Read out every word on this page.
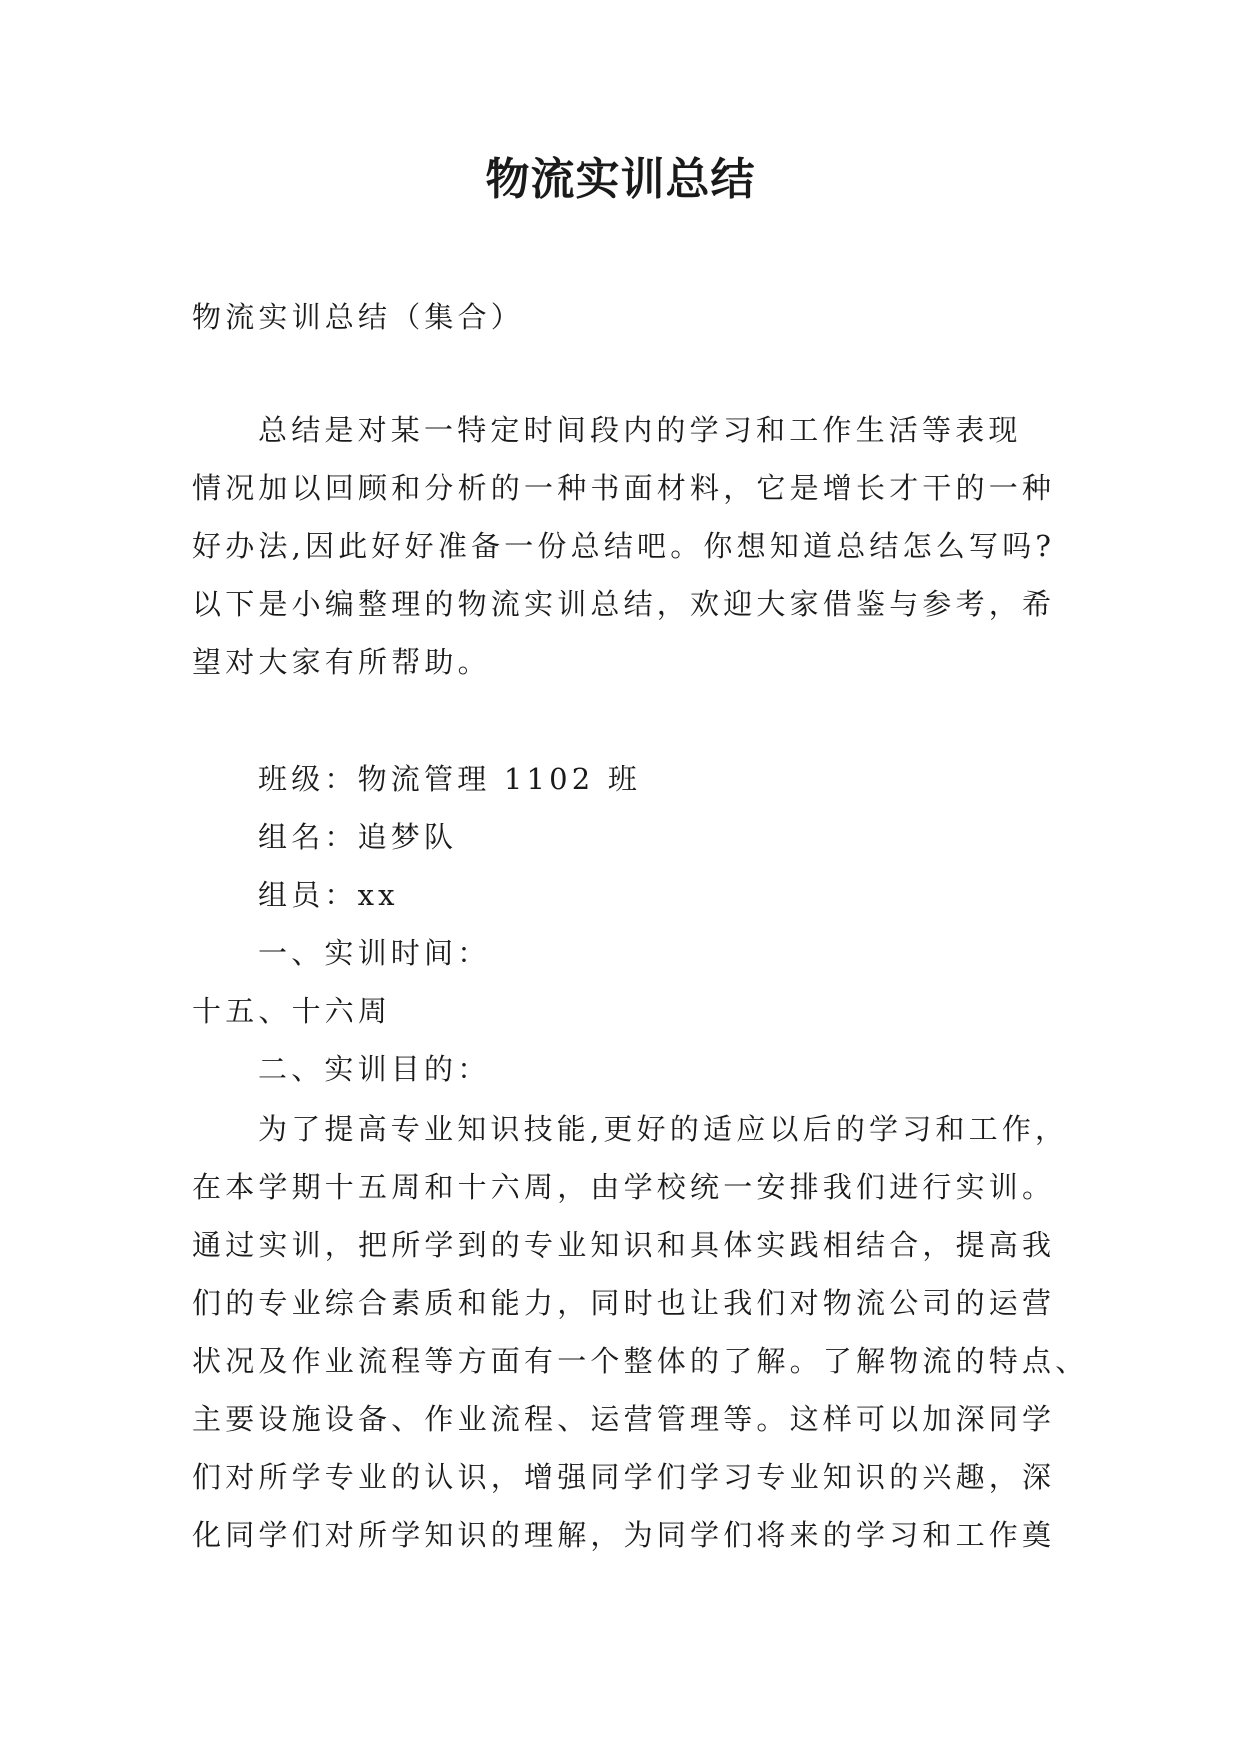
物流实训总结

物流实训总结（集合）

总结是对某一特定时间段内的学习和工作生活等表现
情况加以回顾和分析的一种书面材料，它是增长才干的一种
好办法,因此好好准备一份总结吧。你想知道总结怎么写吗?
以下是小编整理的物流实训总结，欢迎大家借鉴与参考，希
望对大家有所帮助。
班级：物流管理 1102 班
组名：追梦队
组员：xx
一、实训时间：
十五、十六周
二、实训目的：
为了提高专业知识技能,更好的适应以后的学习和工作，
在本学期十五周和十六周，由学校统一安排我们进行实训。
通过实训，把所学到的专业知识和具体实践相结合，提高我
们的专业综合素质和能力，同时也让我们对物流公司的运营
状况及作业流程等方面有一个整体的了解。了解物流的特点、
主要设施设备、作业流程、运营管理等。这样可以加深同学
们对所学专业的认识，增强同学们学习专业知识的兴趣，深
化同学们对所学知识的理解，为同学们将来的学习和工作奠
